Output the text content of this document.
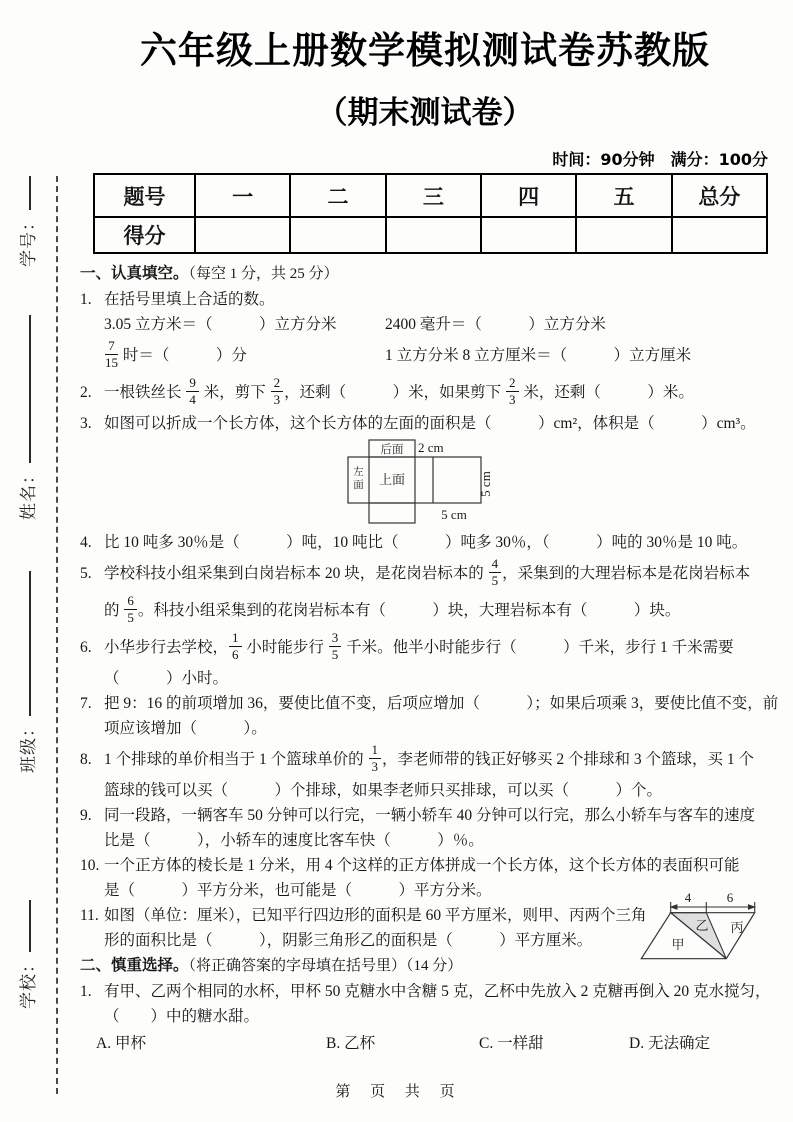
学号：
姓名：
班级：
学校：
六年级上册数学模拟测试卷苏教版
（期末测试卷）
时间：90分钟　满分：100分
题号	一	二	三	四	五	总分
得分						
一、认真填空。（每空 1 分，共 25 分）
1. 在括号里填上合适的数。
3.05 立方米＝（　　　）立方分米	2400 毫升＝（　　　）立方分米
$\frac{7}{15}$ 时＝（　　　）分	1 立方分米 8 立方厘米＝（　　　）立方厘米
2. 一根铁丝长 $\frac{9}{4}$ 米，剪下 $\frac{2}{3}$ ，还剩（　　　）米，如果剪下 $\frac{2}{3}$ 米，还剩（　　　）米。
3. 如图可以折成一个长方体，这个长方体的左面的面积是（　　　）cm²，体积是（　　　）cm³。
后面 2 cm
左
面 上面	5 cm
5 cm
4. 比 10 吨多 30％是（　　　）吨，10 吨比（　　　）吨多 30％，（　　　）吨的 30％是 10 吨。
5. 学校科技小组采集到白岗岩标本 20 块，是花岗岩标本的 $\frac{4}{5}$ ，采集到的大理岩标本是花岗岩标本
的 $\frac{6}{5}$ 。科技小组采集到的花岗岩标本有（　　　）块，大理岩标本有（　　　）块。
6. 小华步行去学校， $\frac{1}{6}$ 小时能步行 $\frac{3}{5}$ 千米。他半小时能步行（　　　）千米，步行 1 千米需要
（　　　）小时。
7. 把 9：16 的前项增加 36，要使比值不变，后项应增加（　　　）；如果后项乘 3，要使比值不变，前
项应该增加（　　　）。
8. 1 个排球的单价相当于 1 个篮球单价的 $\frac{1}{3}$ ，李老师带的钱正好够买 2 个排球和 3 个篮球，买 1 个
篮球的钱可以买（　　　）个排球，如果李老师只买排球，可以买（　　　）个。
9. 同一段路，一辆客车 50 分钟可以行完，一辆小轿车 40 分钟可以行完，那么小轿车与客车的速度
比是（　　　），小轿车的速度比客车快（　　　）％。
10. 一个正方体的棱长是 1 分米，用 4 个这样的正方体拼成一个长方体，这个长方体的表面积可能
是（　　　）平方分米，也可能是（　　　）平方分米。	4	6
甲
乙 丙
11. 如图（单位：厘米），已知平行四边形的面积是 60 平方厘米，则甲、丙两个三角
形的面积比是（　　　），阴影三角形乙的面积是（　　　）平方厘米。
二、慎重选择。（将正确答案的字母填在括号里）（14 分）
1. 有甲、乙两个相同的水杯，甲杯 50 克糖水中含糖 5 克，乙杯中先放入 2 克糖再倒入 20 克水搅匀，
（　　）中的糖水甜。
A. 甲杯	B. 乙杯	C. 一样甜	D. 无法确定
第 页 共 页
